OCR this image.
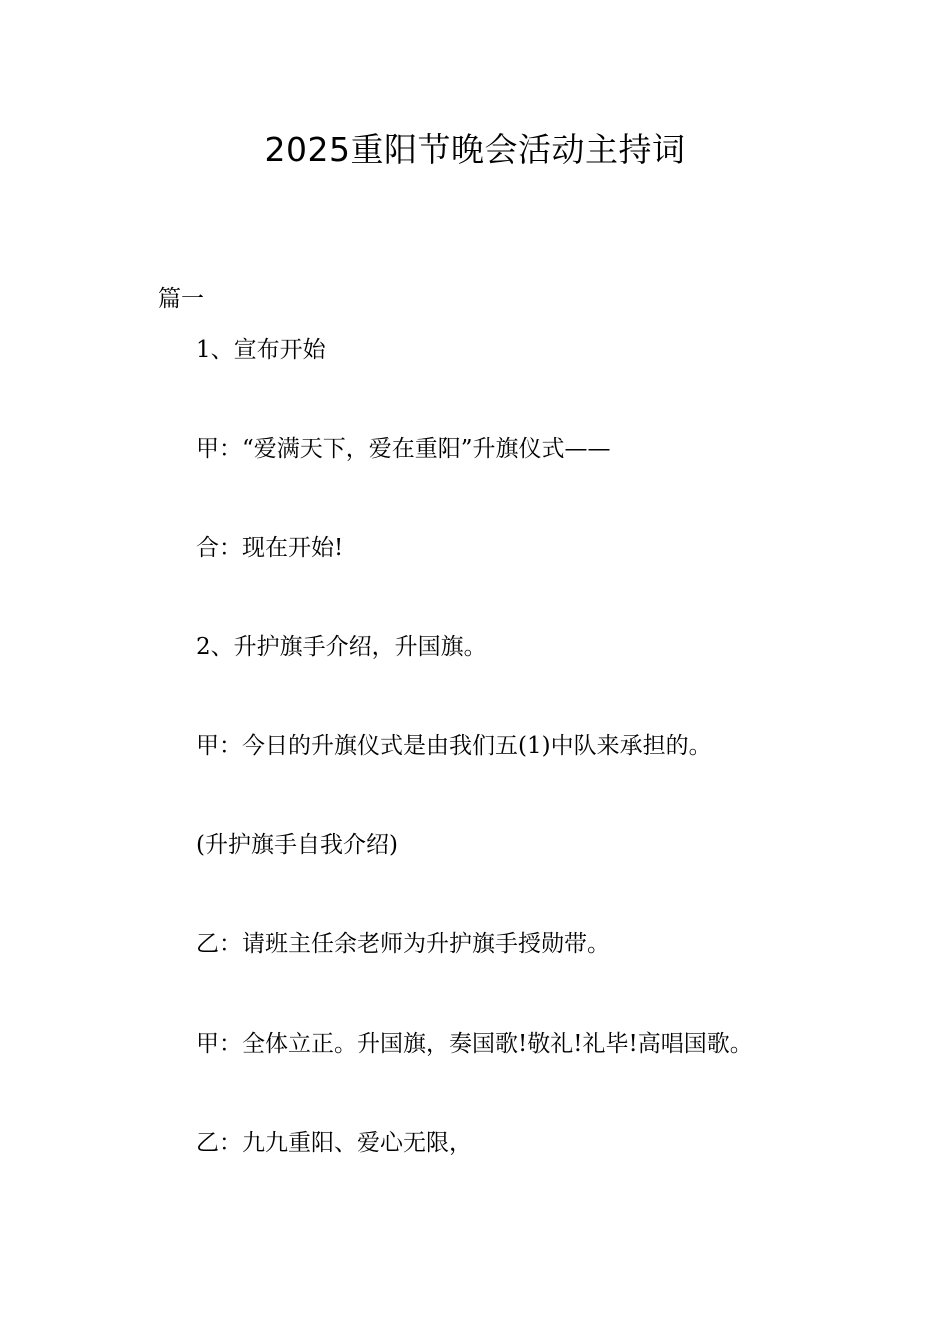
2025重阳节晚会活动主持词

篇一

1、宣布开始

甲：“爱满天下，爱在重阳”升旗仪式——

合：现在开始!

2、升护旗手介绍，升国旗。

甲：今日的升旗仪式是由我们五(1)中队来承担的。

(升护旗手自我介绍)

乙：请班主任余老师为升护旗手授勋带。

甲：全体立正。升国旗，奏国歌!敬礼!礼毕!高唱国歌。

乙：九九重阳、爱心无限，
